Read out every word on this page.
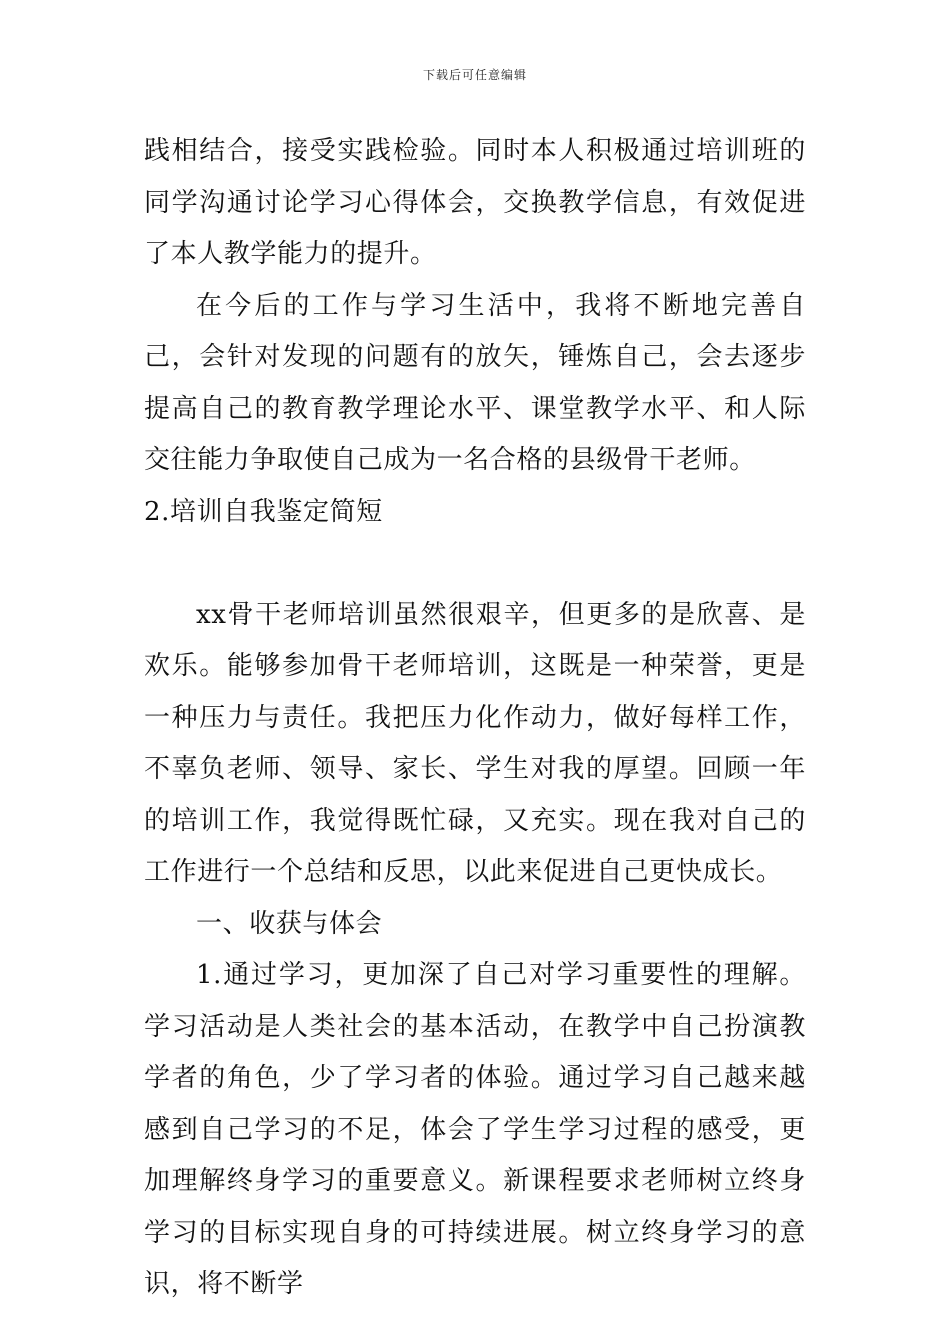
下载后可任意编辑

践相结合，接受实践检验。同时本人积极通过培训班的同学沟通讨论学习心得体会，交换教学信息，有效促进了本人教学能力的提升。

在今后的工作与学习生活中，我将不断地完善自己，会针对发现的问题有的放矢，锤炼自己，会去逐步提高自己的教育教学理论水平、课堂教学水平、和人际交往能力争取使自己成为一名合格的县级骨干老师。

2.培训自我鉴定简短

xx骨干老师培训虽然很艰辛，但更多的是欣喜、是欢乐。能够参加骨干老师培训，这既是一种荣誉，更是一种压力与责任。我把压力化作动力，做好每样工作，不辜负老师、领导、家长、学生对我的厚望。回顾一年的培训工作，我觉得既忙碌，又充实。现在我对自己的工作进行一个总结和反思，以此来促进自己更快成长。

一、收获与体会

1.通过学习，更加深了自己对学习重要性的理解。学习活动是人类社会的基本活动，在教学中自己扮演教学者的角色，少了学习者的体验。通过学习自己越来越感到自己学习的不足，体会了学生学习过程的感受，更加理解终身学习的重要意义。新课程要求老师树立终身学习的目标实现自身的可持续进展。树立终身学习的意识，将不断学
